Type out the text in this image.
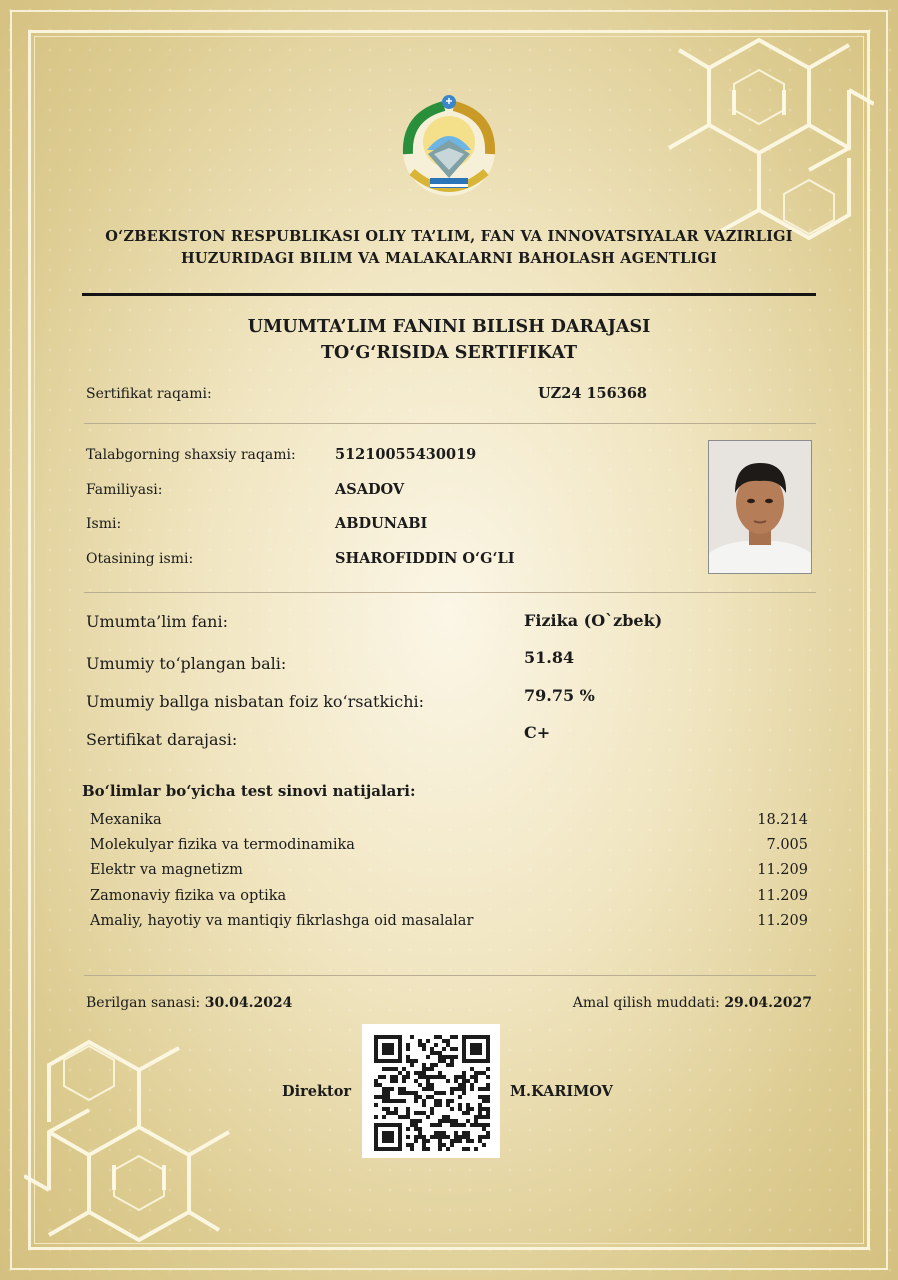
O‘ZBEKISTON RESPUBLIKASI OLIY TA’LIM, FAN VA INNOVATSIYALAR VAZIRLIGI
HUZURIDAGI BILIM VA MALAKALARNI BAHOLASH AGENTLIGI
UMUMTA’LIM FANINI BILISH DARAJASI
TO‘G‘RISIDA SERTIFIKAT
Sertifikat raqami:	UZ24 156368
Talabgorning shaxsiy raqami:	51210055430019
Familiyasi:	ASADOV
Ismi:	ABDUNABI
Otasining ismi:	SHAROFIDDIN O‘G‘LI
Umumta’lim fani:	Fizika (O`zbek)
Umumiy to‘plangan bali:	51.84
Umumiy ballga nisbatan foiz ko‘rsatkichi:	79.75 %
Sertifikat darajasi:	C+
Bo‘limlar bo‘yicha test sinovi natijalari:
Mexanika	18.214
Molekulyar fizika va termodinamika	7.005
Elektr va magnetizm	11.209
Zamonaviy fizika va optika	11.209
Amaliy, hayotiy va mantiqiy fikrlashga oid masalalar	11.209
Berilgan sanasi: 30.04.2024	Amal qilish muddati: 29.04.2027
Direktor	M.KARIMOV
